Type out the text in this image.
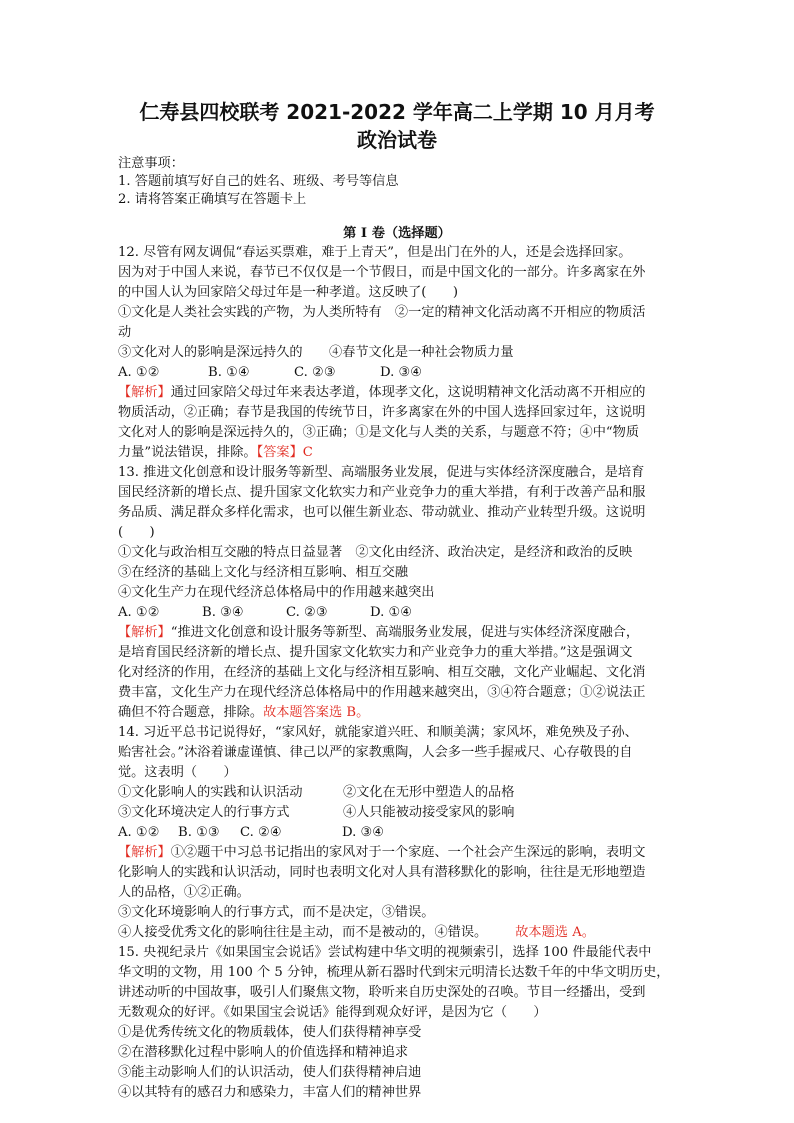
仁寿县四校联考 2021-2022 学年高二上学期 10 月月考
政治试卷
注意事项：
1. 答题前填写好自己的姓名、班级、考号等信息
2. 请将答案正确填写在答题卡上
第 I 卷（选择题）
12. 尽管有网友调侃“春运买票难，难于上青天”，但是出门在外的人，还是会选择回家。
因为对于中国人来说，春节已不仅仅是一个节假日，而是中国文化的一部分。许多离家在外
的中国人认为回家陪父母过年是一种孝道。这反映了(　　)
①文化是人类社会实践的产物，为人类所特有　②一定的精神文化活动离不开相应的物质活
动
③文化对人的影响是深远持久的　　④春节文化是一种社会物质力量
A. ①②	B. ①④	C. ②③	D. ③④
【解析】通过回家陪父母过年来表达孝道，体现孝文化，这说明精神文化活动离不开相应的
物质活动，②正确；春节是我国的传统节日，许多离家在外的中国人选择回家过年，这说明
文化对人的影响是深远持久的，③正确；①是文化与人类的关系，与题意不符；④中“物质
力量”说法错误，排除。【答案】C
13. 推进文化创意和设计服务等新型、高端服务业发展，促进与实体经济深度融合，是培育
国民经济新的增长点、提升国家文化软实力和产业竞争力的重大举措，有利于改善产品和服
务品质、满足群众多样化需求，也可以催生新业态、带动就业、推动产业转型升级。这说明
(　　)
①文化与政治相互交融的特点日益显著　②文化由经济、政治决定，是经济和政治的反映
③在经济的基础上文化与经济相互影响、相互交融
④文化生产力在现代经济总体格局中的作用越来越突出
A. ①②	B. ③④	C. ②③	D. ①④
【解析】“推进文化创意和设计服务等新型、高端服务业发展，促进与实体经济深度融合，
是培育国民经济新的增长点、提升国家文化软实力和产业竞争力的重大举措。”这是强调文
化对经济的作用，在经济的基础上文化与经济相互影响、相互交融，文化产业崛起、文化消
费丰富，文化生产力在现代经济总体格局中的作用越来越突出，③④符合题意；①②说法正
确但不符合题意，排除。故本题答案选 B。
14. 习近平总书记说得好，“家风好，就能家道兴旺、和顺美满；家风坏，难免殃及子孙、
贻害社会。”沐浴着谦虚谨慎、律己以严的家教熏陶，人会多一些手握戒尺、心存敬畏的自
觉。这表明（　　）
①文化影响人的实践和认识活动	②文化在无形中塑造人的品格
③文化环境决定人的行事方式	④人只能被动接受家风的影响
A. ①② B. ①③ C. ②④	D. ③④
【解析】①②题干中习总书记指出的家风对于一个家庭、一个社会产生深远的影响，表明文
化影响人的实践和认识活动，同时也表明文化对人具有潜移默化的影响，往往是无形地塑造
人的品格，①②正确。
③文化环境影响人的行事方式，而不是决定，③错误。
④人接受优秀文化的影响往往是主动，而不是被动的，④错误。 故本题选 A。
15. 央视纪录片《如果国宝会说话》尝试构建中华文明的视频索引，选择 100 件最能代表中
华文明的文物，用 100 个 5 分钟，梳理从新石器时代到宋元明清长达数千年的中华文明历史，
讲述动听的中国故事，吸引人们聚焦文物，聆听来自历史深处的召唤。节目一经播出，受到
无数观众的好评。《如果国宝会说话》能得到观众好评，是因为它（　　）
①是优秀传统文化的物质载体，使人们获得精神享受
②在潜移默化过程中影响人的价值选择和精神追求
③能主动影响人们的认识活动，使人们获得精神启迪
④以其特有的感召力和感染力，丰富人们的精神世界
